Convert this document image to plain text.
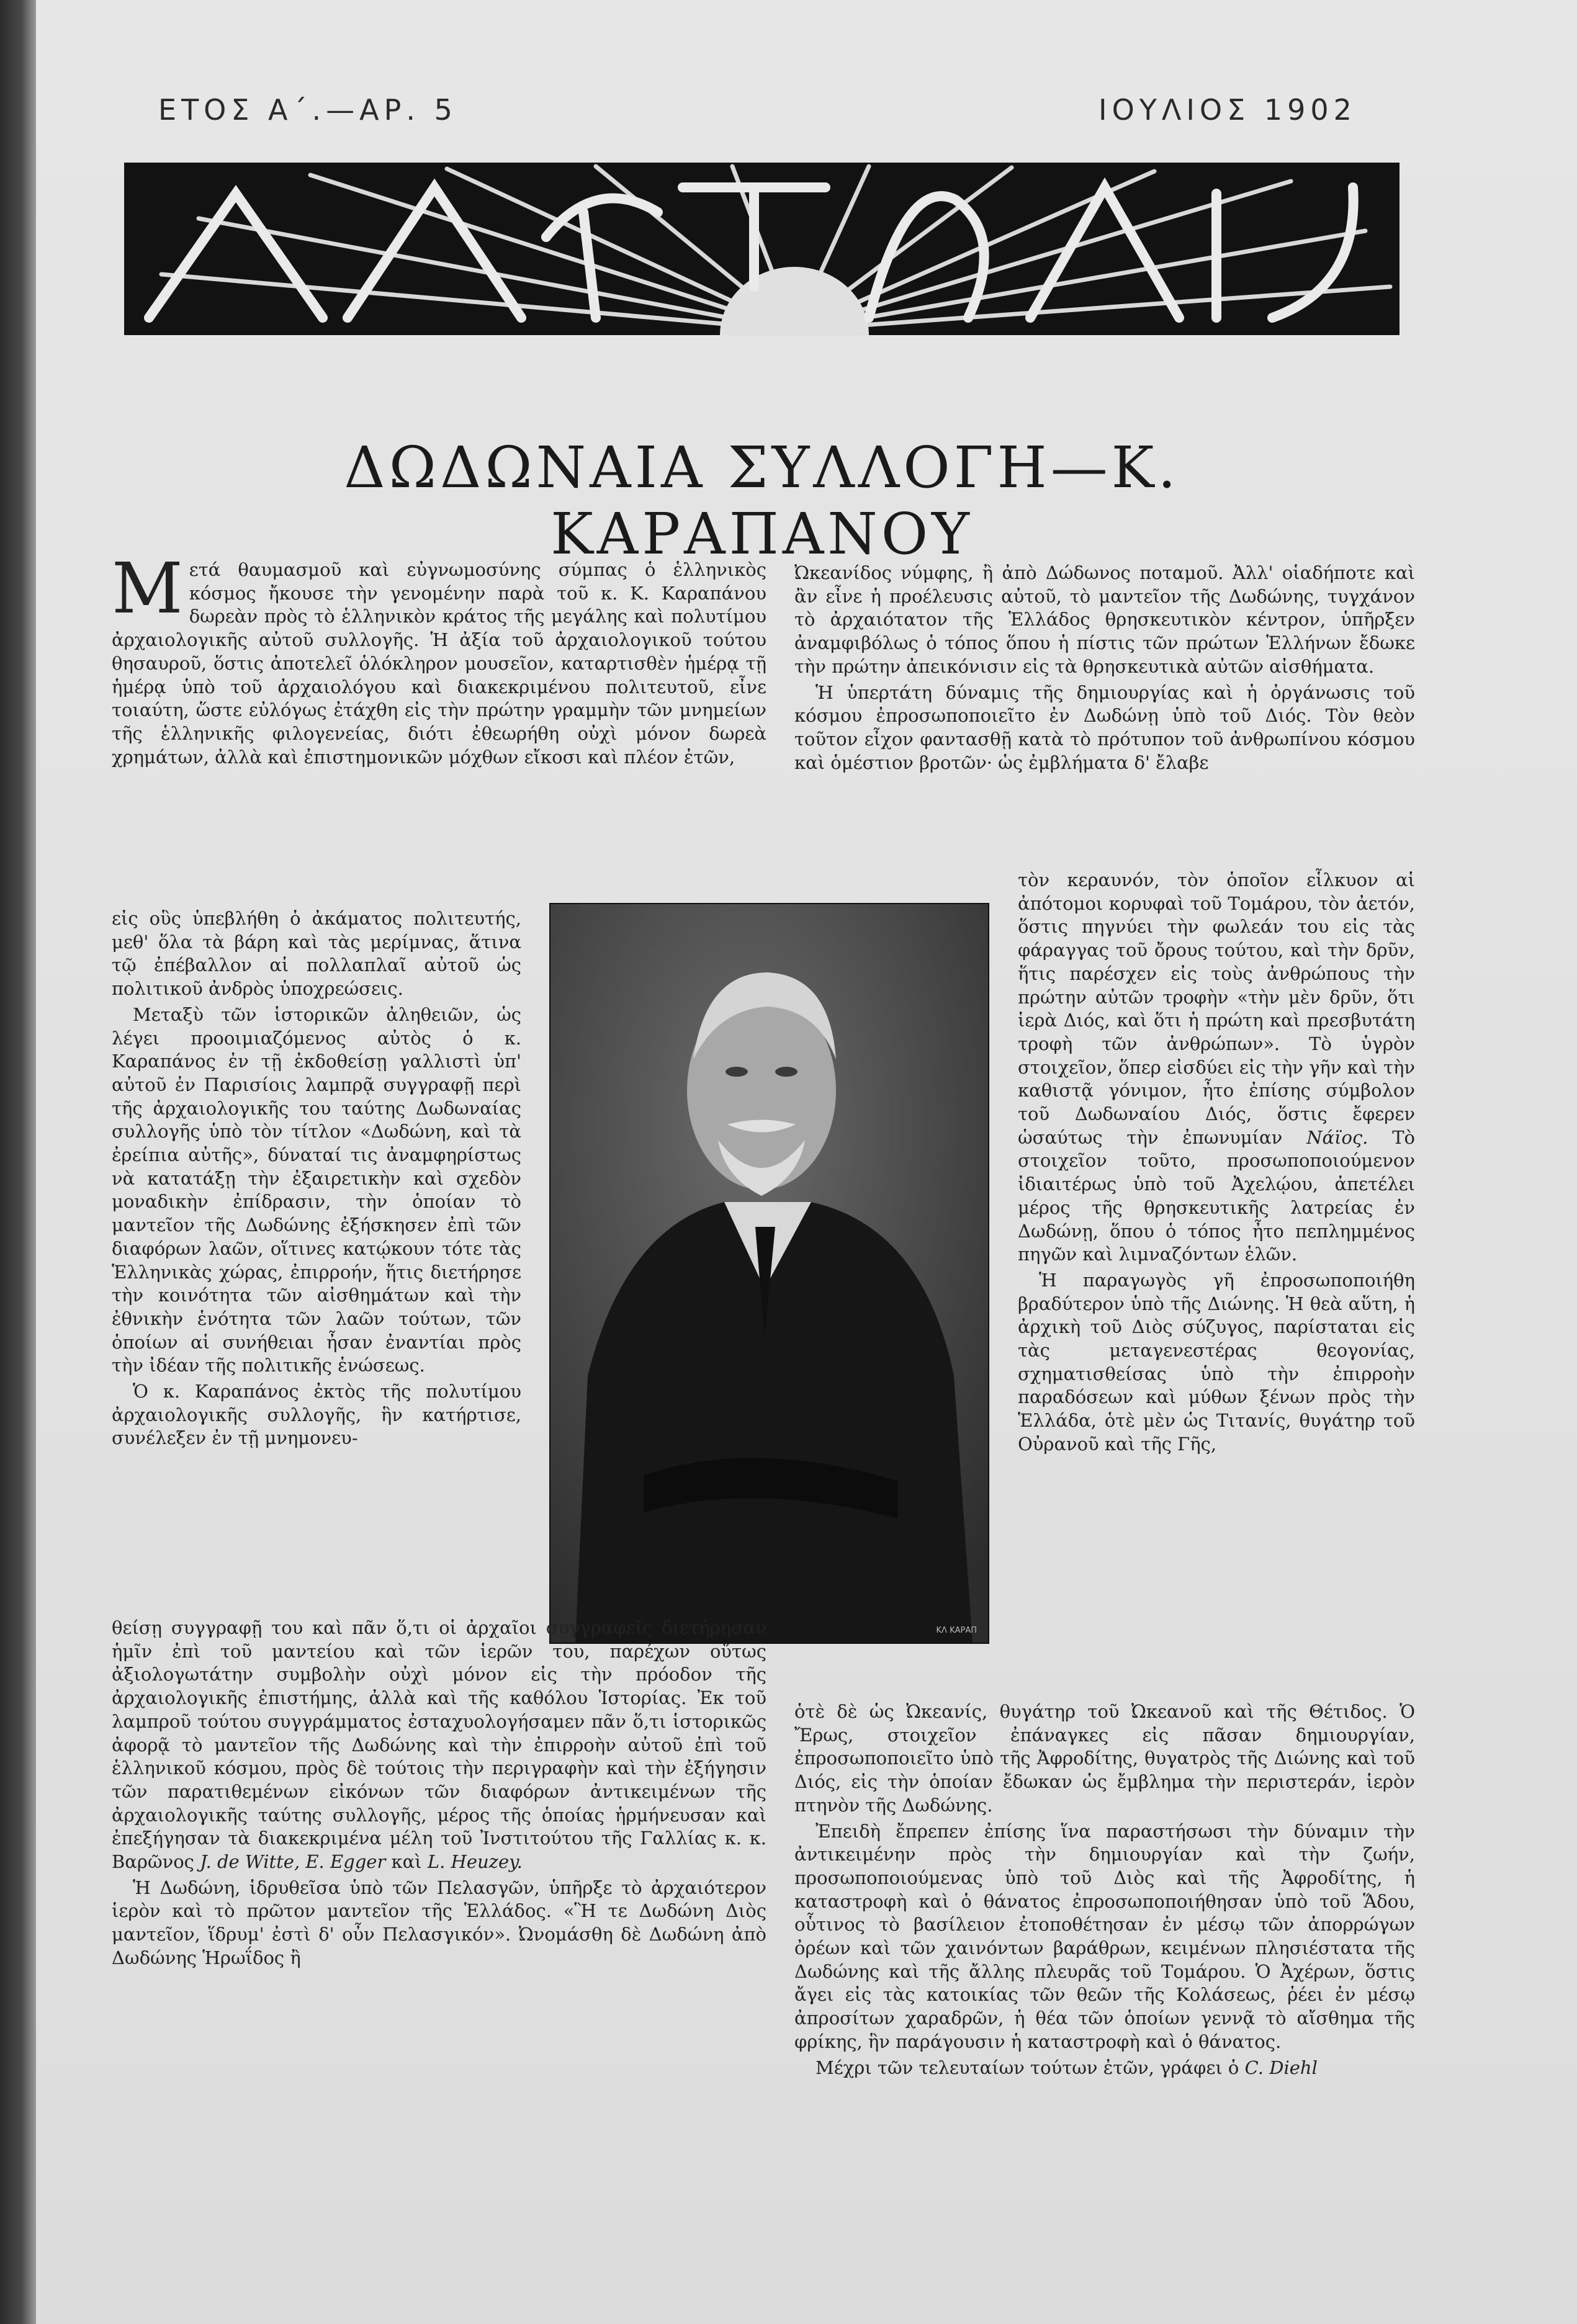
ΕΤΟΣ Α΄.—ΑΡ. 5	ΙΟΥΛΙΟΣ 1902
ΔΩΔΩΝΑΙΑ ΣΥΛΛΟΓΗ—Κ. ΚΑΡΑΠΑΝΟΥ

Μετά θαυμασμοῦ καὶ εὐγνωμοσύνης σύμπας ὁ ἑλληνικὸς κόσμος ἤκουσε τὴν γενομένην παρὰ τοῦ κ. Κ. Καραπάνου δωρεὰν πρὸς τὸ ἑλληνικὸν κράτος τῆς μεγάλης καὶ πολυτίμου ἀρχαιολογικῆς αὐτοῦ συλλογῆς. Ἡ ἀξία τοῦ ἀρχαιολογικοῦ τούτου θησαυροῦ, ὅστις ἀποτελεῖ ὁλόκληρον μουσεῖον, καταρτισθὲν ἡμέρᾳ τῇ ἡμέρᾳ ὑπὸ τοῦ ἀρχαιολόγου καὶ διακεκριμένου πολιτευτοῦ, εἶνε τοιαύτη, ὥστε εὐλόγως ἐτάχθη εἰς τὴν πρώτην γραμμὴν τῶν μνημείων τῆς ἑλληνικῆς φιλογενείας, διότι ἐθεωρήθη οὐχὶ μόνον δωρεὰ χρημάτων, ἀλλὰ καὶ ἐπιστημονικῶν μόχθων εἴκοσι καὶ πλέον ἐτῶν,

εἰς οὓς ὑπεβλήθη ὁ ἀκάματος πολιτευτής, μεθ' ὅλα τὰ βάρη καὶ τὰς μερίμνας, ἅτινα τῷ ἐπέβαλλον αἱ πολλαπλαῖ αὐτοῦ ὡς πολιτικοῦ ἀνδρὸς ὑποχρεώσεις.

Μεταξὺ τῶν ἱστορικῶν ἀληθειῶν, ὡς λέγει προοιμιαζόμενος αὐτὸς ὁ κ. Καραπάνος ἐν τῇ ἐκδοθείσῃ γαλλιστὶ ὑπ' αὐτοῦ ἐν Παρισίοις λαμπρᾷ συγγραφῇ περὶ τῆς ἀρχαιολογικῆς του ταύτης Δωδωναίας συλλογῆς ὑπὸ τὸν τίτλον «Δωδώνη, καὶ τὰ ἐρείπια αὐτῆς», δύναταί τις ἀναμφηρίστως νὰ κατατάξῃ τὴν ἐξαιρετικὴν καὶ σχεδὸν μοναδικὴν ἐπίδρασιν, τὴν ὁποίαν τὸ μαντεῖον τῆς Δωδώνης ἐξήσκησεν ἐπὶ τῶν διαφόρων λαῶν, οἵτινες κατῴκουν τότε τὰς Ἑλληνικὰς χώρας, ἐπιρροήν, ἥτις διετήρησε τὴν κοινότητα τῶν αἰσθημάτων καὶ τὴν ἐθνικὴν ἑνότητα τῶν λαῶν τούτων, τῶν ὁποίων αἱ συνήθειαι ἦσαν ἐναντίαι πρὸς τὴν ἰδέαν τῆς πολιτικῆς ἑνώσεως.

Ὁ κ. Καραπάνος ἐκτὸς τῆς πολυτίμου ἀρχαιολογικῆς συλλογῆς, ἣν κατήρτισε, συνέλεξεν ἐν τῇ μνημονευ-

ΚΛ ΚΑΡΑΠ

θείσῃ συγγραφῇ του καὶ πᾶν ὅ,τι οἱ ἀρχαῖοι συγγραφεῖς διετήρησαν ἡμῖν ἐπὶ τοῦ μαντείου καὶ τῶν ἱερῶν του, παρέχων οὕτως ἀξιολογωτάτην συμβολὴν οὐχὶ μόνον εἰς τὴν πρόοδον τῆς ἀρχαιολογικῆς ἐπιστήμης, ἀλλὰ καὶ τῆς καθόλου Ἱστορίας. Ἐκ τοῦ λαμπροῦ τούτου συγγράμματος ἐσταχυολογήσαμεν πᾶν ὅ,τι ἱστορικῶς ἀφορᾷ τὸ μαντεῖον τῆς Δωδώνης καὶ τὴν ἐπιρροὴν αὐτοῦ ἐπὶ τοῦ ἑλληνικοῦ κόσμου, πρὸς δὲ τούτοις τὴν περιγραφὴν καὶ τὴν ἐξήγησιν τῶν παρατιθεμένων εἰκόνων τῶν διαφόρων ἀντικειμένων τῆς ἀρχαιολογικῆς ταύτης συλλογῆς, μέρος τῆς ὁποίας ἡρμήνευσαν καὶ ἐπεξήγησαν τὰ διακεκριμένα μέλη τοῦ Ἰνστιτούτου τῆς Γαλλίας κ. κ. Βαρῶνος J. de Witte, E. Egger καὶ L. Heuzey.

Ἡ Δωδώνη, ἱδρυθεῖσα ὑπὸ τῶν Πελασγῶν, ὑπῆρξε τὸ ἀρχαιότερον ἱερὸν καὶ τὸ πρῶτον μαντεῖον τῆς Ἑλλάδος. «Ἣ τε Δωδώνη Διὸς μαντεῖον, ἵδρυμ' ἐστὶ δ' οὖν Πελασγικόν». Ὠνομάσθη δὲ Δωδώνη ἀπὸ Δωδώνης Ἡρωΐδος ἢ

Ὠκεανίδος νύμφης, ἢ ἀπὸ Δώδωνος ποταμοῦ. Ἀλλ' οἱαδήποτε καὶ ἂν εἶνε ἡ προέλευσις αὐτοῦ, τὸ μαντεῖον τῆς Δωδώνης, τυγχάνον τὸ ἀρχαιότατον τῆς Ἑλλάδος θρησκευτικὸν κέντρον, ὑπῆρξεν ἀναμφιβόλως ὁ τόπος ὅπου ἡ πίστις τῶν πρώτων Ἑλλήνων ἔδωκε τὴν πρώτην ἀπεικόνισιν εἰς τὰ θρησκευτικὰ αὐτῶν αἰσθήματα.

Ἡ ὑπερτάτη δύναμις τῆς δημιουργίας καὶ ἡ ὀργάνωσις τοῦ κόσμου ἐπροσωποποιεῖτο ἐν Δωδώνῃ ὑπὸ τοῦ Διός. Τὸν θεὸν τοῦτον εἶχον φαντασθῇ κατὰ τὸ πρότυπον τοῦ ἀνθρωπίνου κόσμου καὶ ὁμέστιον βροτῶν· ὡς ἐμβλήματα δ' ἔλαβε

τὸν κεραυνόν, τὸν ὁποῖον εἷλκυον αἱ ἀπότομοι κορυφαὶ τοῦ Τομάρου, τὸν ἀετόν, ὅστις πηγνύει τὴν φωλεάν του εἰς τὰς φάραγγας τοῦ ὄρους τούτου, καὶ τὴν δρῦν, ἥτις παρέσχεν εἰς τοὺς ἀνθρώπους τὴν πρώτην αὐτῶν τροφὴν «τὴν μὲν δρῦν, ὅτι ἱερὰ Διός, καὶ ὅτι ἡ πρώτη καὶ πρεσβυτάτη τροφὴ τῶν ἀνθρώπων». Τὸ ὑγρὸν στοιχεῖον, ὅπερ εἰσδύει εἰς τὴν γῆν καὶ τὴν καθιστᾷ γόνιμον, ἦτο ἐπίσης σύμβολον τοῦ Δωδωναίου Διός, ὅστις ἔφερεν ὡσαύτως τὴν ἐπωνυμίαν Νάϊος. Τὸ στοιχεῖον τοῦτο, προσωποποιούμενον ἰδιαιτέρως ὑπὸ τοῦ Ἀχελῴου, ἀπετέλει μέρος τῆς θρησκευτικῆς λατρείας ἐν Δωδώνῃ, ὅπου ὁ τόπος ἦτο πεπλημμένος πηγῶν καὶ λιμναζόντων ἑλῶν.

Ἡ παραγωγὸς γῆ ἐπροσωποποιήθη βραδύτερον ὑπὸ τῆς Διώνης. Ἡ θεὰ αὕτη, ἡ ἀρχικὴ τοῦ Διὸς σύζυγος, παρίσταται εἰς τὰς μεταγενεστέρας θεογονίας, σχηματισθείσας ὑπὸ τὴν ἐπιρροὴν παραδόσεων καὶ μύθων ξένων πρὸς τὴν Ἑλλάδα, ὁτὲ μὲν ὡς Τιτανίς, θυγάτηρ τοῦ Οὐρανοῦ καὶ τῆς Γῆς,

ὁτὲ δὲ ὡς Ὠκεανίς, θυγάτηρ τοῦ Ὠκεανοῦ καὶ τῆς Θέτιδος. Ὁ Ἔρως, στοιχεῖον ἐπάναγκες εἰς πᾶσαν δημιουργίαν, ἐπροσωποποιεῖτο ὑπὸ τῆς Ἀφροδίτης, θυγατρὸς τῆς Διώνης καὶ τοῦ Διός, εἰς τὴν ὁποίαν ἔδωκαν ὡς ἔμβλημα τὴν περιστεράν, ἱερὸν πτηνὸν τῆς Δωδώνης.

Ἐπειδὴ ἔπρεπεν ἐπίσης ἵνα παραστήσωσι τὴν δύναμιν τὴν ἀντικειμένην πρὸς τὴν δημιουργίαν καὶ τὴν ζωήν, προσωποποιούμενας ὑπὸ τοῦ Διὸς καὶ τῆς Ἀφροδίτης, ἡ καταστροφὴ καὶ ὁ θάνατος ἐπροσωποποιήθησαν ὑπὸ τοῦ Ἅδου, οὗτινος τὸ βασίλειον ἐτοποθέτησαν ἐν μέσῳ τῶν ἀπορρώγων ὀρέων καὶ τῶν χαινόντων βαράθρων, κειμένων πλησιέστατα τῆς Δωδώνης καὶ τῆς ἄλλης πλευρᾶς τοῦ Τομάρου. Ὁ Ἀχέρων, ὅστις ἄγει εἰς τὰς κατοικίας τῶν θεῶν τῆς Κολάσεως, ῥέει ἐν μέσῳ ἀπροσίτων χαραδρῶν, ἡ θέα τῶν ὁποίων γεννᾷ τὸ αἴσθημα τῆς φρίκης, ἣν παράγουσιν ἡ καταστροφὴ καὶ ὁ θάνατος.

Μέχρι τῶν τελευταίων τούτων ἐτῶν, γράφει ὁ C. Diehl
